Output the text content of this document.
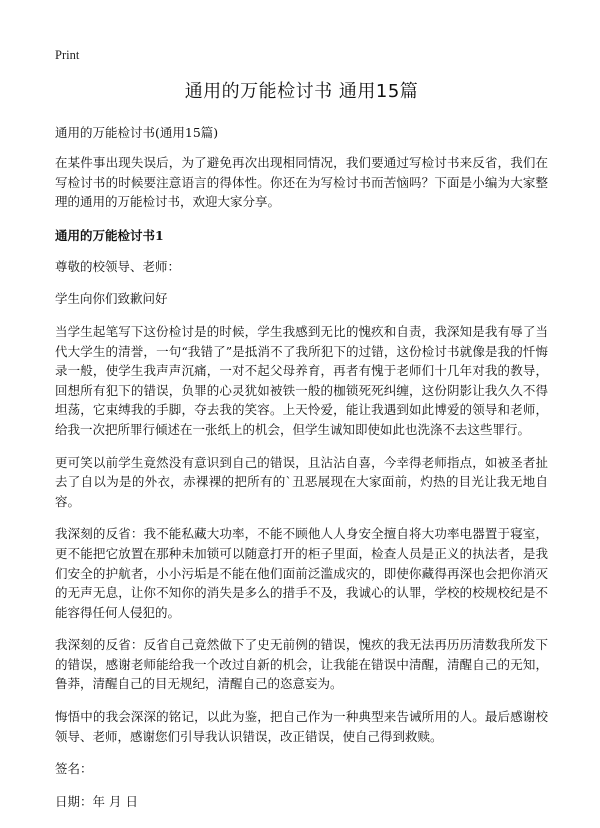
Print
通用的万能检讨书 通用15篇
通用的万能检讨书(通用15篇)

在某件事出现失误后，为了避免再次出现相同情况，我们要通过写检讨书来反省，我们在写检讨书的时候要注意语言的得体性。你还在为写检讨书而苦恼吗？下面是小编为大家整理的通用的万能检讨书，欢迎大家分享。

通用的万能检讨书1

尊敬的校领导、老师：

学生向你们致歉问好

当学生起笔写下这份检讨是的时候，学生我感到无比的愧疚和自责，我深知是我有辱了当代大学生的清誉，一句“我错了”是抵消不了我所犯下的过错，这份检讨书就像是我的忏悔录一般，使学生我声声沉痛，一对不起父母养育，再者有愧于老师们十几年对我的教导，回想所有犯下的错误，负罪的心灵犹如被铁一般的枷锁死死纠缠，这份阴影让我久久不得坦荡，它束缚我的手脚，夺去我的笑容。上天怜爱，能让我遇到如此博爱的领导和老师，给我一次把所罪行倾述在一张纸上的机会，但学生诚知即使如此也洗涤不去这些罪行。

更可笑以前学生竟然没有意识到自己的错误，且沾沾自喜，今幸得老师指点，如被圣者扯去了自以为是的外衣，赤裸裸的把所有的`丑恶展现在大家面前，灼热的目光让我无地自容。

我深刻的反省：我不能私藏大功率，不能不顾他人人身安全擅自将大功率电器置于寝室，更不能把它放置在那种未加锁可以随意打开的柜子里面，检查人员是正义的执法者，是我们安全的护航者，小小污垢是不能在他们面前泛滥成灾的，即使你藏得再深也会把你消灭的无声无息，让你不知你的消失是多么的措手不及，我诚心的认罪，学校的校规校纪是不能容得任何人侵犯的。

我深刻的反省：反省自己竟然做下了史无前例的错误，愧疚的我无法再历历清数我所发下的错误，感谢老师能给我一个改过自新的机会，让我能在错误中清醒，清醒自己的无知，鲁莽，清醒自己的目无规纪，清醒自己的恣意妄为。

悔悟中的我会深深的铭记，以此为鉴，把自己作为一种典型来告诫所用的人。最后感谢校领导、老师，感谢您们引导我认识错误，改正错误，使自己得到救赎。

签名：

日期：年 月 日
